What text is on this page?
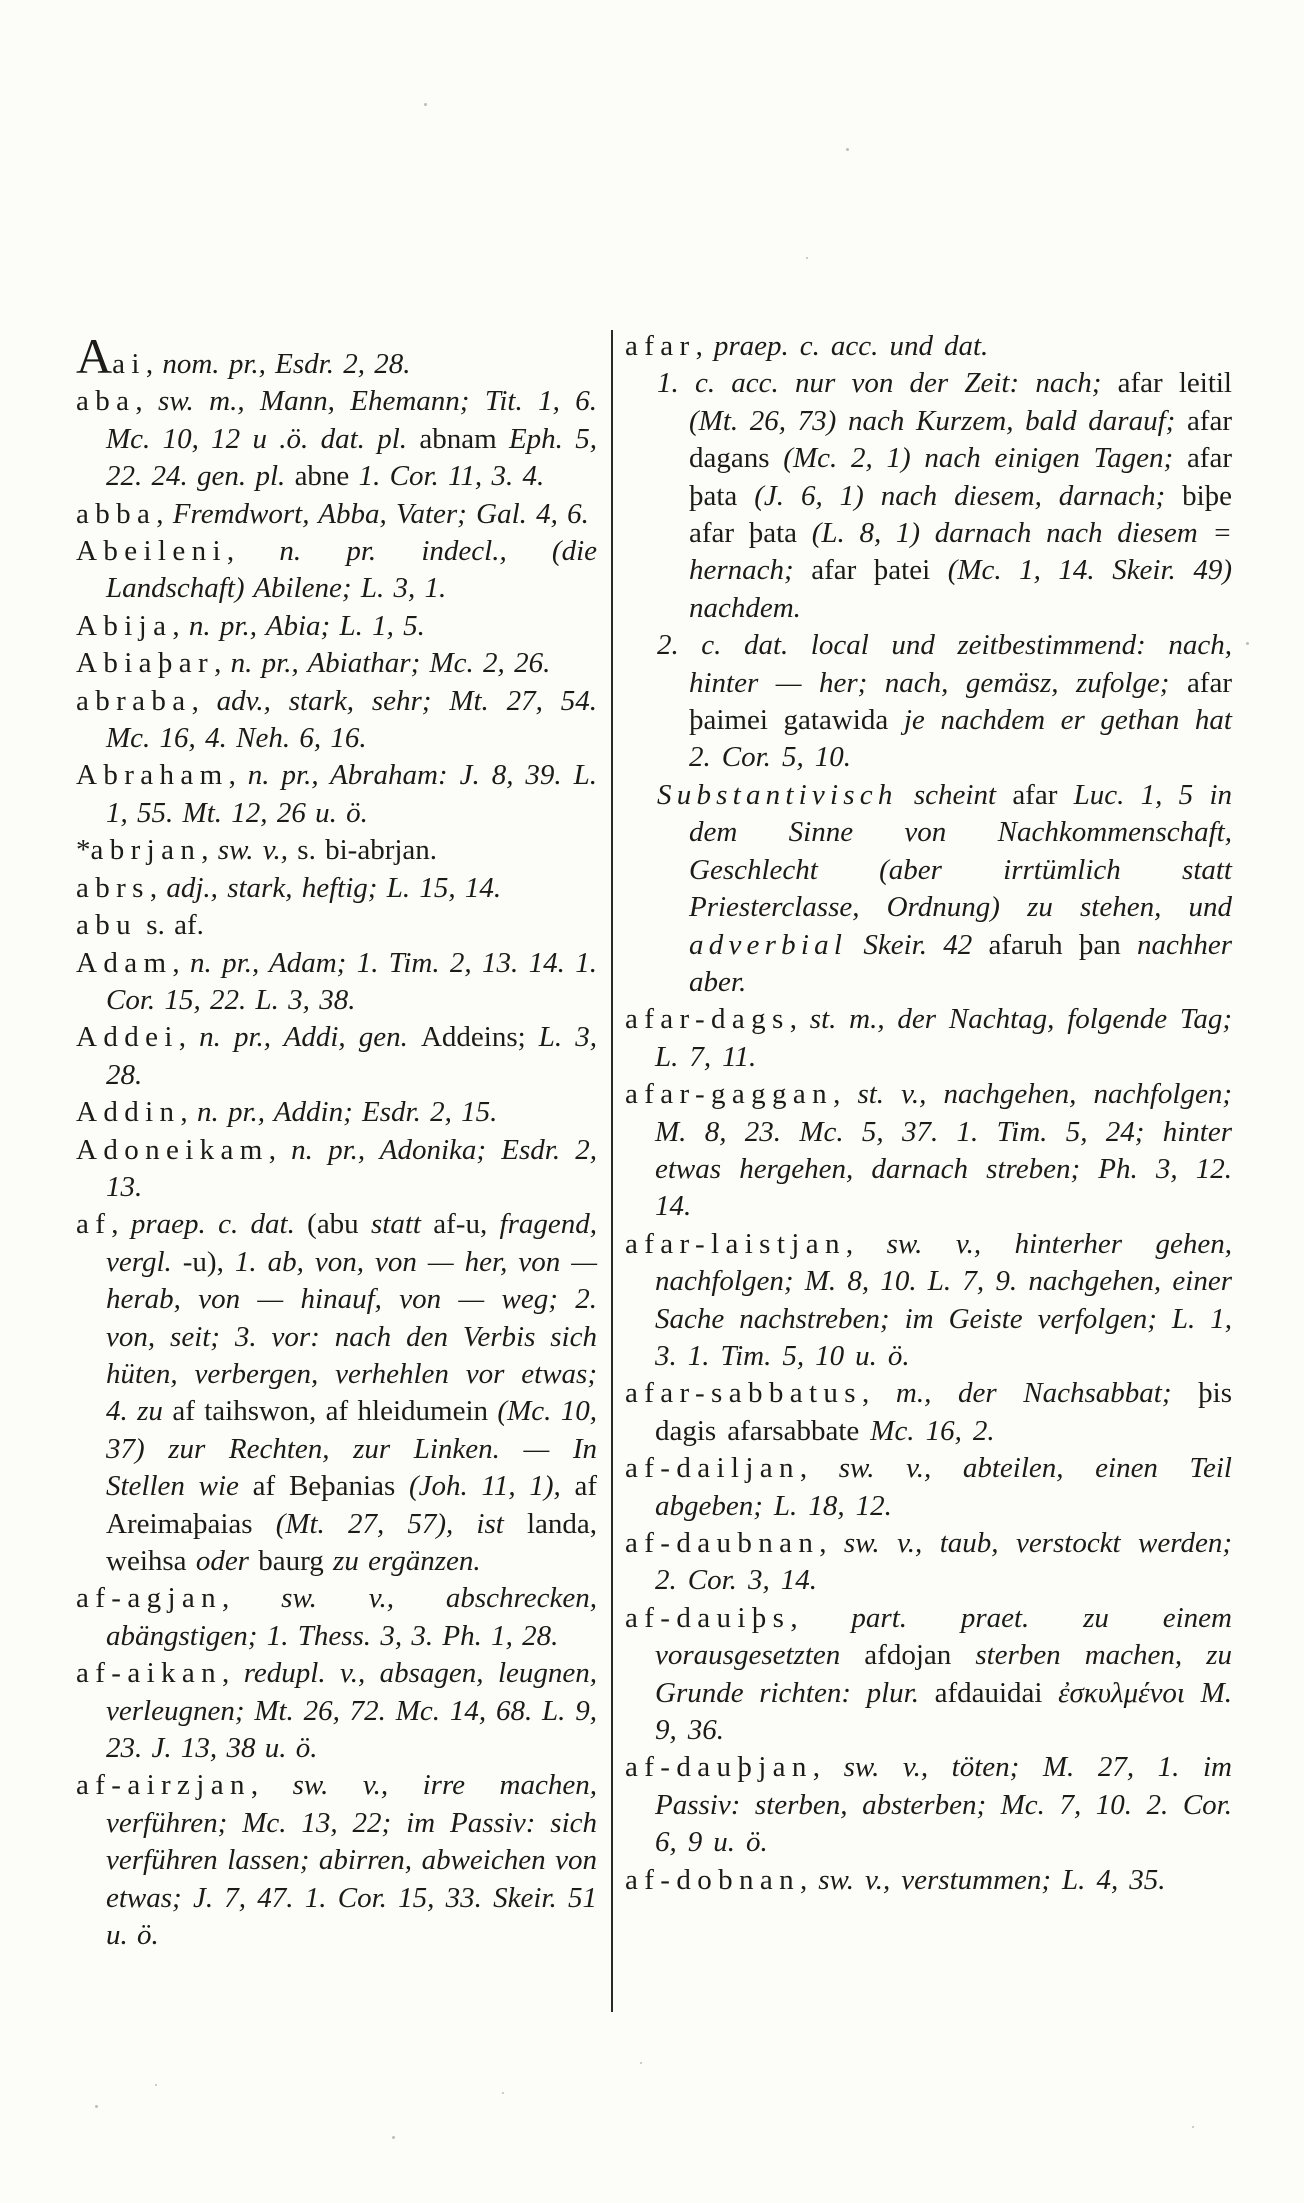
Aai, nom. pr., Esdr. 2, 28.

aba, sw. m., Mann, Ehemann; Tit. 1, 6. Mc. 10, 12 u .ö. dat. pl. abnam Eph. 5, 22. 24. gen. pl. abne 1. Cor. 11, 3. 4.

abba, Fremdwort, Abba, Vater; Gal. 4, 6.

Abeileni, n. pr. indecl., (die Landschaft) Abilene; L. 3, 1.

Abija, n. pr., Abia; L. 1, 5.

Abiaþar, n. pr., Abiathar; Mc. 2, 26.

abraba, adv., stark, sehr; Mt. 27, 54. Mc. 16, 4. Neh. 6, 16.

Abraham, n. pr., Abraham: J. 8, 39. L. 1, 55. Mt. 12, 26 u. ö.

*abrjan, sw. v., s. bi-abrjan.

abrs, adj., stark, heftig; L. 15, 14.

abu s. af.

Adam, n. pr., Adam; 1. Tim. 2, 13. 14. 1. Cor. 15, 22. L. 3, 38.

Addei, n. pr., Addi, gen. Addeins; L. 3, 28.

Addin, n. pr., Addin; Esdr. 2, 15.

Adoneikam, n. pr., Adonika; Esdr. 2, 13.

af, praep. c. dat. (abu statt af-u, fragend, vergl. -u), 1. ab, von, von — her, von — herab, von — hinauf, von — weg; 2. von, seit; 3. vor: nach den Verbis sich hüten, verbergen, verhehlen vor etwas; 4. zu af taihswon, af hleidumein (Mc. 10, 37) zur Rechten, zur Linken. — In Stellen wie af Beþanias (Joh. 11, 1), af Areimaþaias (Mt. 27, 57), ist landa, weihsa oder baurg zu ergänzen.

af-agjan, sw. v., abschrecken, abängstigen; 1. Thess. 3, 3. Ph. 1, 28.

af-aikan, redupl. v., absagen, leugnen, verleugnen; Mt. 26, 72. Mc. 14, 68. L. 9, 23. J. 13, 38 u. ö.

af-airzjan, sw. v., irre machen, verführen; Mc. 13, 22; im Passiv: sich verführen lassen; abirren, abweichen von etwas; J. 7, 47. 1. Cor. 15, 33. Skeir. 51 u. ö.

afar, praep. c. acc. und dat.

1. c. acc. nur von der Zeit: nach; afar leitil (Mt. 26, 73) nach Kurzem, bald darauf; afar dagans (Mc. 2, 1) nach einigen Tagen; afar þata (J. 6, 1) nach diesem, darnach; biþe afar þata (L. 8, 1) darnach nach diesem = hernach; afar þatei (Mc. 1, 14. Skeir. 49) nachdem.

2. c. dat. local und zeitbestimmend: nach, hinter — her; nach, gemäsz, zufolge; afar þaimei gatawida je nachdem er gethan hat 2. Cor. 5, 10.

Substantivisch scheint afar Luc. 1, 5 in dem Sinne von Nachkommenschaft, Geschlecht (aber irrtümlich statt Priesterclasse, Ordnung) zu stehen, und adverbial Skeir. 42 afaruh þan nachher aber.

afar-dags, st. m., der Nachtag, folgende Tag; L. 7, 11.

afar-gaggan, st. v., nachgehen, nachfolgen; M. 8, 23. Mc. 5, 37. 1. Tim. 5, 24; hinter etwas hergehen, darnach streben; Ph. 3, 12. 14.

afar-laistjan, sw. v., hinterher gehen, nachfolgen; M. 8, 10. L. 7, 9. nachgehen, einer Sache nachstreben; im Geiste verfolgen; L. 1, 3. 1. Tim. 5, 10 u. ö.

afar-sabbatus, m., der Nachsabbat; þis dagis afarsabbate Mc. 16, 2.

af-dailjan, sw. v., abteilen, einen Teil abgeben; L. 18, 12.

af-daubnan, sw. v., taub, verstockt werden; 2. Cor. 3, 14.

af-dauiþs, part. praet. zu einem vorausgesetzten afdojan sterben machen, zu Grunde richten: plur. afdauidai ἐσκυλμένοι M. 9, 36.

af-dauþjan, sw. v., töten; M. 27, 1. im Passiv: sterben, absterben; Mc. 7, 10. 2. Cor. 6, 9 u. ö.

af-dobnan, sw. v., verstummen; L. 4, 35.
